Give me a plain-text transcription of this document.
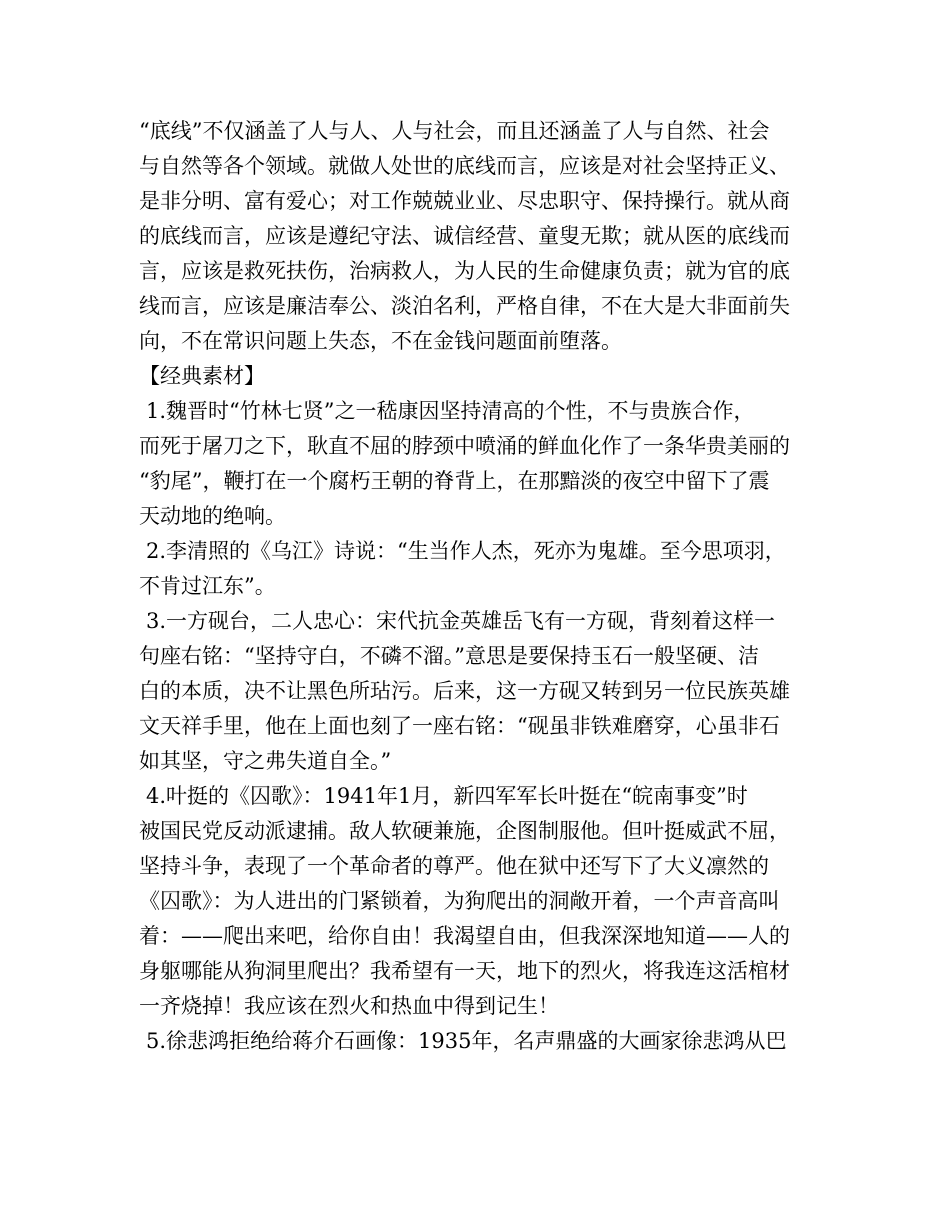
“底线”不仅涵盖了人与人、人与社会，而且还涵盖了人与自然、社会
与自然等各个领域。就做人处世的底线而言，应该是对社会坚持正义、
是非分明、富有爱心；对工作兢兢业业、尽忠职守、保持操行。就从商
的底线而言，应该是遵纪守法、诚信经营、童叟无欺；就从医的底线而
言，应该是救死扶伤，治病救人，为人民的生命健康负责；就为官的底
线而言，应该是廉洁奉公、淡泊名利，严格自律，不在大是大非面前失
向，不在常识问题上失态，不在金钱问题面前堕落。
【经典素材】
1.魏晋时“竹林七贤”之一嵇康因坚持清高的个性，不与贵族合作，
而死于屠刀之下，耿直不屈的脖颈中喷涌的鲜血化作了一条华贵美丽的
“豹尾”，鞭打在一个腐朽王朝的脊背上，在那黯淡的夜空中留下了震
天动地的绝响。
2.李清照的《乌江》诗说：“生当作人杰，死亦为鬼雄。至今思项羽，
不肯过江东”。
3.一方砚台，二人忠心：宋代抗金英雄岳飞有一方砚，背刻着这样一
句座右铭：“坚持守白，不磷不溜。”意思是要保持玉石一般坚硬、洁
白的本质，决不让黑色所玷污。后来，这一方砚又转到另一位民族英雄
文天祥手里，他在上面也刻了一座右铭：“砚虽非铁难磨穿，心虽非石
如其坚，守之弗失道自全。”
4.叶挺的《囚歌》：1941年1月，新四军军长叶挺在“皖南事变”时
被国民党反动派逮捕。敌人软硬兼施，企图制服他。但叶挺威武不屈，
坚持斗争，表现了一个革命者的尊严。他在狱中还写下了大义凛然的
《囚歌》：为人进出的门紧锁着，为狗爬出的洞敞开着，一个声音高叫
着：——爬出来吧，给你自由！我渴望自由，但我深深地知道——人的
身躯哪能从狗洞里爬出？我希望有一天，地下的烈火，将我连这活棺材
一齐烧掉！我应该在烈火和热血中得到记生！
5.徐悲鸿拒绝给蒋介石画像：1935年，名声鼎盛的大画家徐悲鸿从巴
